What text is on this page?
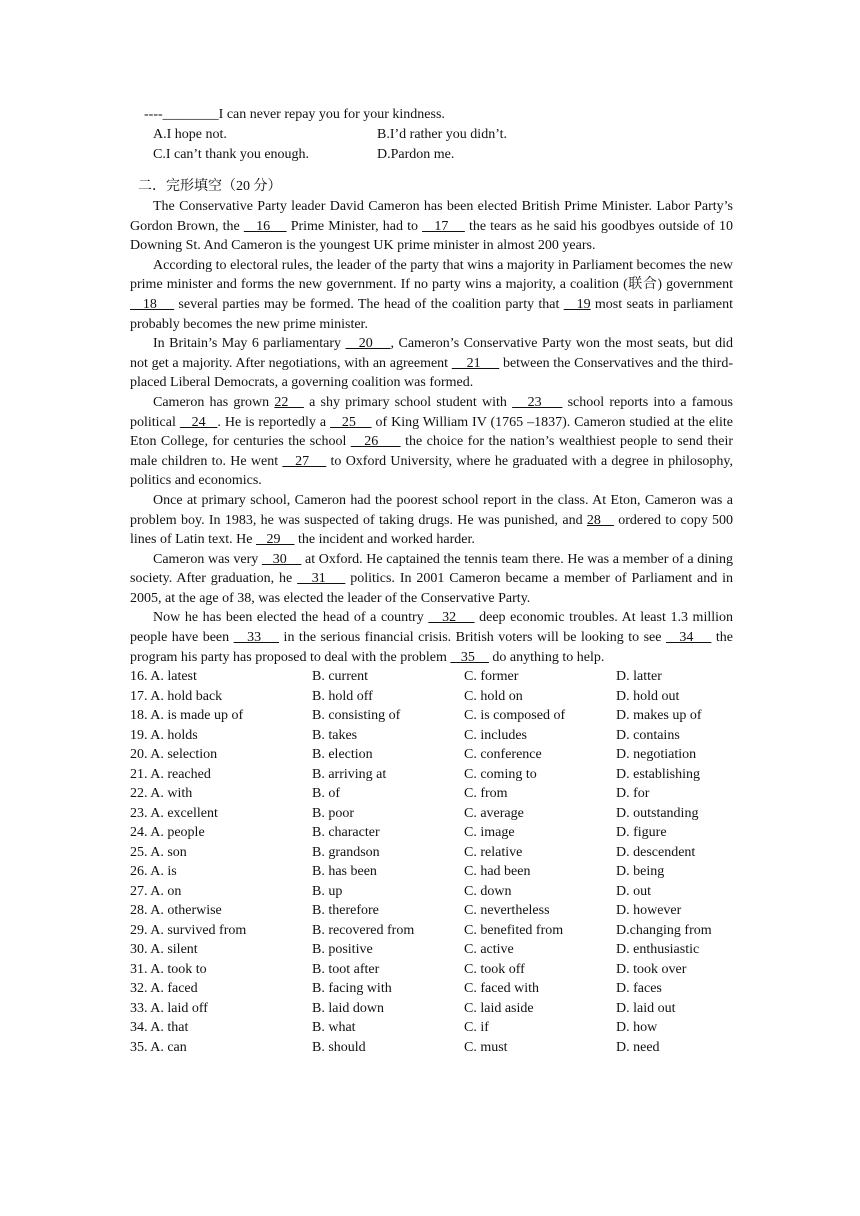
----________I can never repay you for your kindness.
A.I hope not.	B.I’d rather you didn’t.
C.I can’t thank you enough.	D.Pardon me.
二．完形填空（20 分）

The Conservative Party leader David Cameron has been elected British Prime Minister. Labor Party’s Gordon Brown, the    16     Prime Minister, had to    17     the tears as he said his goodbyes outside of 10 Downing St. And Cameron is the youngest UK prime minister in almost 200 years.

According to electoral rules, the leader of the party that wins a majority in Parliament becomes the new prime minister and forms the new government. If no party wins a majority, a coalition (联合) government    18     several parties may be formed. The head of the coalition party that    19 most seats in parliament probably becomes the new prime minister.

In Britain’s May 6 parliamentary    20    , Cameron’s Conservative Party won the most seats, but did not get a majority. After negotiations, with an agreement     21      between the Conservatives and the third-placed Liberal Democrats, a governing coalition was formed.

Cameron has grown 22    a shy primary school student with    23     school reports into a famous political    24   . He is reportedly a    25     of King William IV (1765 –1837). Cameron studied at the elite Eton College, for centuries the school    26      the choice for the nation’s wealthiest people to send their male children to. He went    27     to Oxford University, where he graduated with a degree in philosophy, politics and economics.

Once at primary school, Cameron had the poorest school report in the class. At Eton, Cameron was a problem boy. In 1983, he was suspected of taking drugs. He was punished, and 28    ordered to copy 500 lines of Latin text. He    29     the incident and worked harder.

Cameron was very    30     at Oxford. He captained the tennis team there. He was a member of a dining society. After graduation, he    31     politics. In 2001 Cameron became a member of Parliament and in 2005, at the age of 38, was elected the leader of the Conservative Party.

Now he has been elected the head of a country    32     deep economic troubles. At least 1.3 million people have been    33     in the serious financial crisis. British voters will be looking to see    34     the program his party has proposed to deal with the problem    35     do anything to help.

16. A. latest	B. current	C. former	D. latter
17. A. hold back	B. hold off	C. hold on	D. hold out
18. A. is made up of	B. consisting of	C. is composed of	D. makes up of
19. A. holds	B. takes	C. includes	D. contains
20. A. selection	B. election	C. conference	D. negotiation
21. A. reached	B. arriving at	C. coming to	D. establishing
22. A. with	B. of	C. from	D. for
23. A. excellent	B. poor	C. average	D. outstanding
24. A. people	B. character	C. image	D. figure
25. A. son	B. grandson	C. relative	D. descendent
26. A. is	B. has been	C. had been	D. being
27. A. on	B. up	C. down	D. out
28. A. otherwise	B. therefore	C. nevertheless	D. however
29. A. survived from	B. recovered from	C. benefited from	D.changing from
30. A. silent	B. positive	C. active	D. enthusiastic
31. A. took to	B. toot after	C. took off	D. took over
32. A. faced	B. facing with	C. faced with	D. faces
33. A. laid off	B. laid down	C. laid aside	D. laid out
34. A. that	B. what	C. if	D. how
35. A. can	B. should	C. must	D. need
